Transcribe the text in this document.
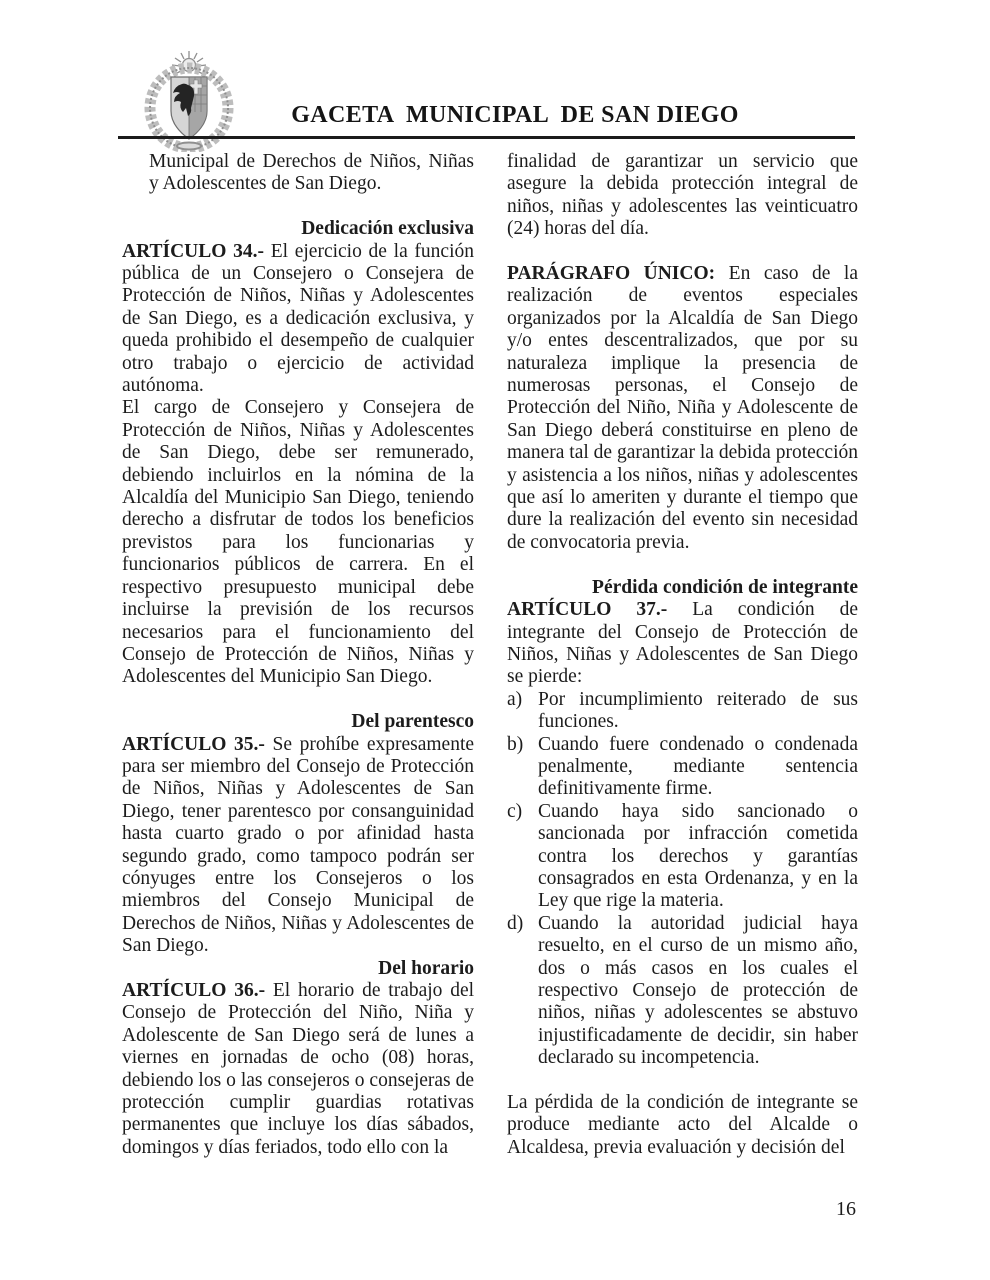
GACETA  MUNICIPAL  DE SAN DIEGO

Municipal de Derechos de Niños, Niñas y Adolescentes de San Diego.

Dedicación exclusiva

ARTÍCULO 34.- El ejercicio de la función pública de un Consejero o Consejera de Protección de Niños, Niñas y Adolescentes de San Diego, es a dedicación exclusiva, y queda prohibido el desempeño de cualquier otro trabajo o ejercicio de actividad autónoma.

El cargo de Consejero y Consejera de Protección de Niños, Niñas y Adolescentes de San Diego, debe ser remunerado, debiendo incluirlos en la nómina de la Alcaldía del Municipio San Diego, teniendo derecho a disfrutar de todos los beneficios previstos para los funcionarias y funcionarios públicos de carrera. En el respectivo presupuesto municipal debe incluirse la previsión de los recursos necesarios para el funcionamiento del Consejo de Protección de Niños, Niñas y Adolescentes del Municipio San Diego.

Del parentesco

ARTÍCULO 35.- Se prohíbe expresamente para ser miembro del Consejo de Protección de Niños, Niñas y Adolescentes de San Diego, tener parentesco por consanguinidad hasta cuarto grado o por afinidad hasta segundo grado, como tampoco podrán ser cónyuges entre los Consejeros o los miembros del Consejo Municipal de Derechos de Niños, Niñas y Adolescentes de San Diego.

Del horario

ARTÍCULO 36.- El horario de trabajo del Consejo de Protección del Niño, Niña y Adolescente de San Diego será de lunes a viernes en jornadas de ocho (08) horas, debiendo los o las consejeros o consejeras de protección cumplir guardias rotativas permanentes que incluye los días sábados, domingos y días feriados, todo ello con la

finalidad de garantizar un servicio que asegure la debida protección integral de niños, niñas y adolescentes las veinticuatro (24) horas del día.

PARÁGRAFO ÚNICO: En caso de la realización de eventos especiales organizados por la Alcaldía de San Diego y/o entes descentralizados, que por su naturaleza implique la presencia de numerosas personas, el Consejo de Protección del Niño, Niña y Adolescente de San Diego deberá constituirse en pleno de manera tal de garantizar la debida protección y asistencia a los niños, niñas y adolescentes que así lo ameriten y durante el tiempo que dure la realización del evento sin necesidad de convocatoria previa.

Pérdida condición de integrante

ARTÍCULO 37.- La condición de integrante del Consejo de Protección de Niños, Niñas y Adolescentes de San Diego se pierde:

a) Por incumplimiento reiterado de sus funciones.
b) Cuando fuere condenado o condenada penalmente, mediante sentencia definitivamente firme.
c) Cuando haya sido sancionado o sancionada por infracción cometida contra los derechos y garantías consagrados en esta Ordenanza, y en la Ley que rige la materia.
d) Cuando la autoridad judicial haya resuelto, en el curso de un mismo año, dos o más casos en los cuales el respectivo Consejo de protección de niños, niñas y adolescentes se abstuvo injustificadamente de decidir, sin haber declarado su incompetencia.

La pérdida de la condición de integrante se produce mediante acto del Alcalde o Alcaldesa, previa evaluación y decisión del

16
